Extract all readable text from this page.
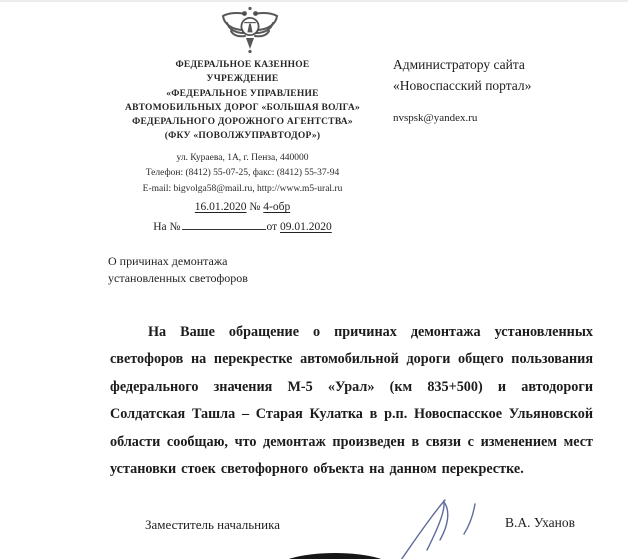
ФЕДЕРАЛЬНОЕ КАЗЕННОЕ
УЧРЕЖДЕНИЕ
«ФЕДЕРАЛЬНОЕ УПРАВЛЕНИЕ
АВТОМОБИЛЬНЫХ ДОРОГ «БОЛЬШАЯ ВОЛГА»
ФЕДЕРАЛЬНОГО ДОРОЖНОГО АГЕНТСТВА»
(ФКУ «ПОВОЛЖУПРАВТОДОР»)
ул. Кураева, 1А, г. Пенза, 440000
Телефон: (8412) 55-07-25, факс: (8412) 55-37-94
E-mail: bigvolga58@mail.ru, http://www.m5-ural.ru
16.01.2020 № 4-обр
На №	от 09.01.2020
Администратору сайта
«Новоспасский портал»
nvspsk@yandex.ru
О причинах демонтажа
установленных светофоров

На Ваше обращение о причинах демонтажа установленных светофоров на перекрестке автомобильной дороги общего пользования федерального значения М-5 «Урал» (км 835+500) и автодороги Солдатская Ташла – Старая Кулатка в р.п. Новоспасское Ульяновской области сообщаю, что демонтаж произведен в связи с изменением мест установки стоек светофорного объекта на данном перекрестке.

Заместитель начальника	В.А. Уханов
